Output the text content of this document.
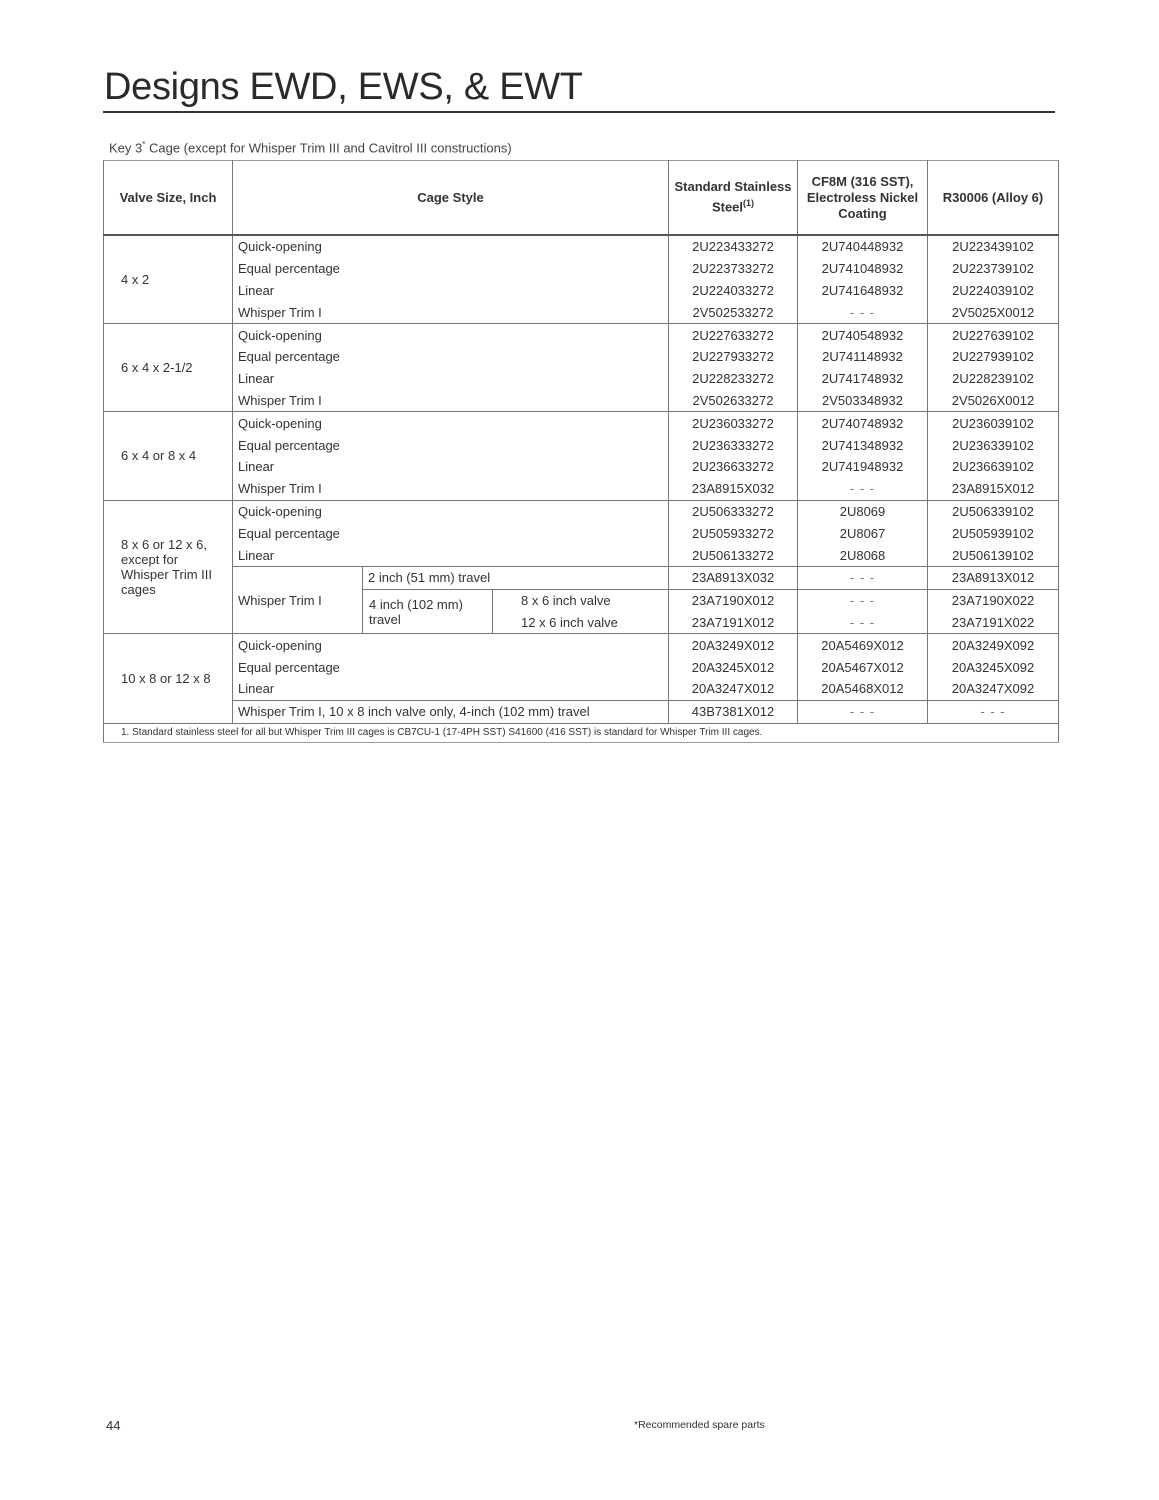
Designs EWD, EWS, & EWT
Key 3* Cage (except for Whisper Trim III and Cavitrol III constructions)
Valve Size, Inch	Cage Style			Standard Stainless Steel$^{(1)}$	CF8M (316 SST), Electroless Nickel Coating	R30006 (Alloy 6)
4 x 2	Quick-opening			2U223433272	2U740448932	2U223439102
	Equal percentage			2U223733272	2U741048932	2U223739102
	Linear			2U224033272	2U741648932	2U224039102
	Whisper Trim I			2V502533272	- - -	2V5025X0012
6 x 4 x 2-1/2	Quick-opening			2U227633272	2U740548932	2U227639102
	Equal percentage			2U227933272	2U741148932	2U227939102
	Linear			2U228233272	2U741748932	2U228239102
	Whisper Trim I			2V502633272	2V503348932	2V5026X0012
6 x 4 or 8 x 4	Quick-opening			2U236033272	2U740748932	2U236039102
	Equal percentage			2U236333272	2U741348932	2U236339102
	Linear			2U236633272	2U741948932	2U236639102
	Whisper Trim I			23A8915X032	- - -	23A8915X012
8 x 6 or 12 x 6, except for Whisper Trim III cages	Quick-opening			2U506333272	2U8069	2U506339102
	Equal percentage			2U505933272	2U8067	2U505939102
	Linear			2U506133272	2U8068	2U506139102
	Whisper Trim I	2 inch (51 mm) travel		23A8913X032	- - -	23A8913X012
		4 inch (102 mm) travel	8 x 6 inch valve	23A7190X012	- - -	23A7190X022
			12 x 6 inch valve	23A7191X012	- - -	23A7191X022
10 x 8 or 12 x 8	Quick-opening			20A3249X012	20A5469X012	20A3249X092
	Equal percentage			20A3245X012	20A5467X012	20A3245X092
	Linear			20A3247X012	20A5468X012	20A3247X092
	Whisper Trim I, 10 x 8 inch valve only, 4-inch (102 mm) travel			43B7381X012	- - -	- - -
1. Standard stainless steel for all but Whisper Trim III cages is CB7CU-1 (17-4PH SST) S41600 (416 SST) is standard for Whisper Trim III cages.						
44	*Recommended spare parts
